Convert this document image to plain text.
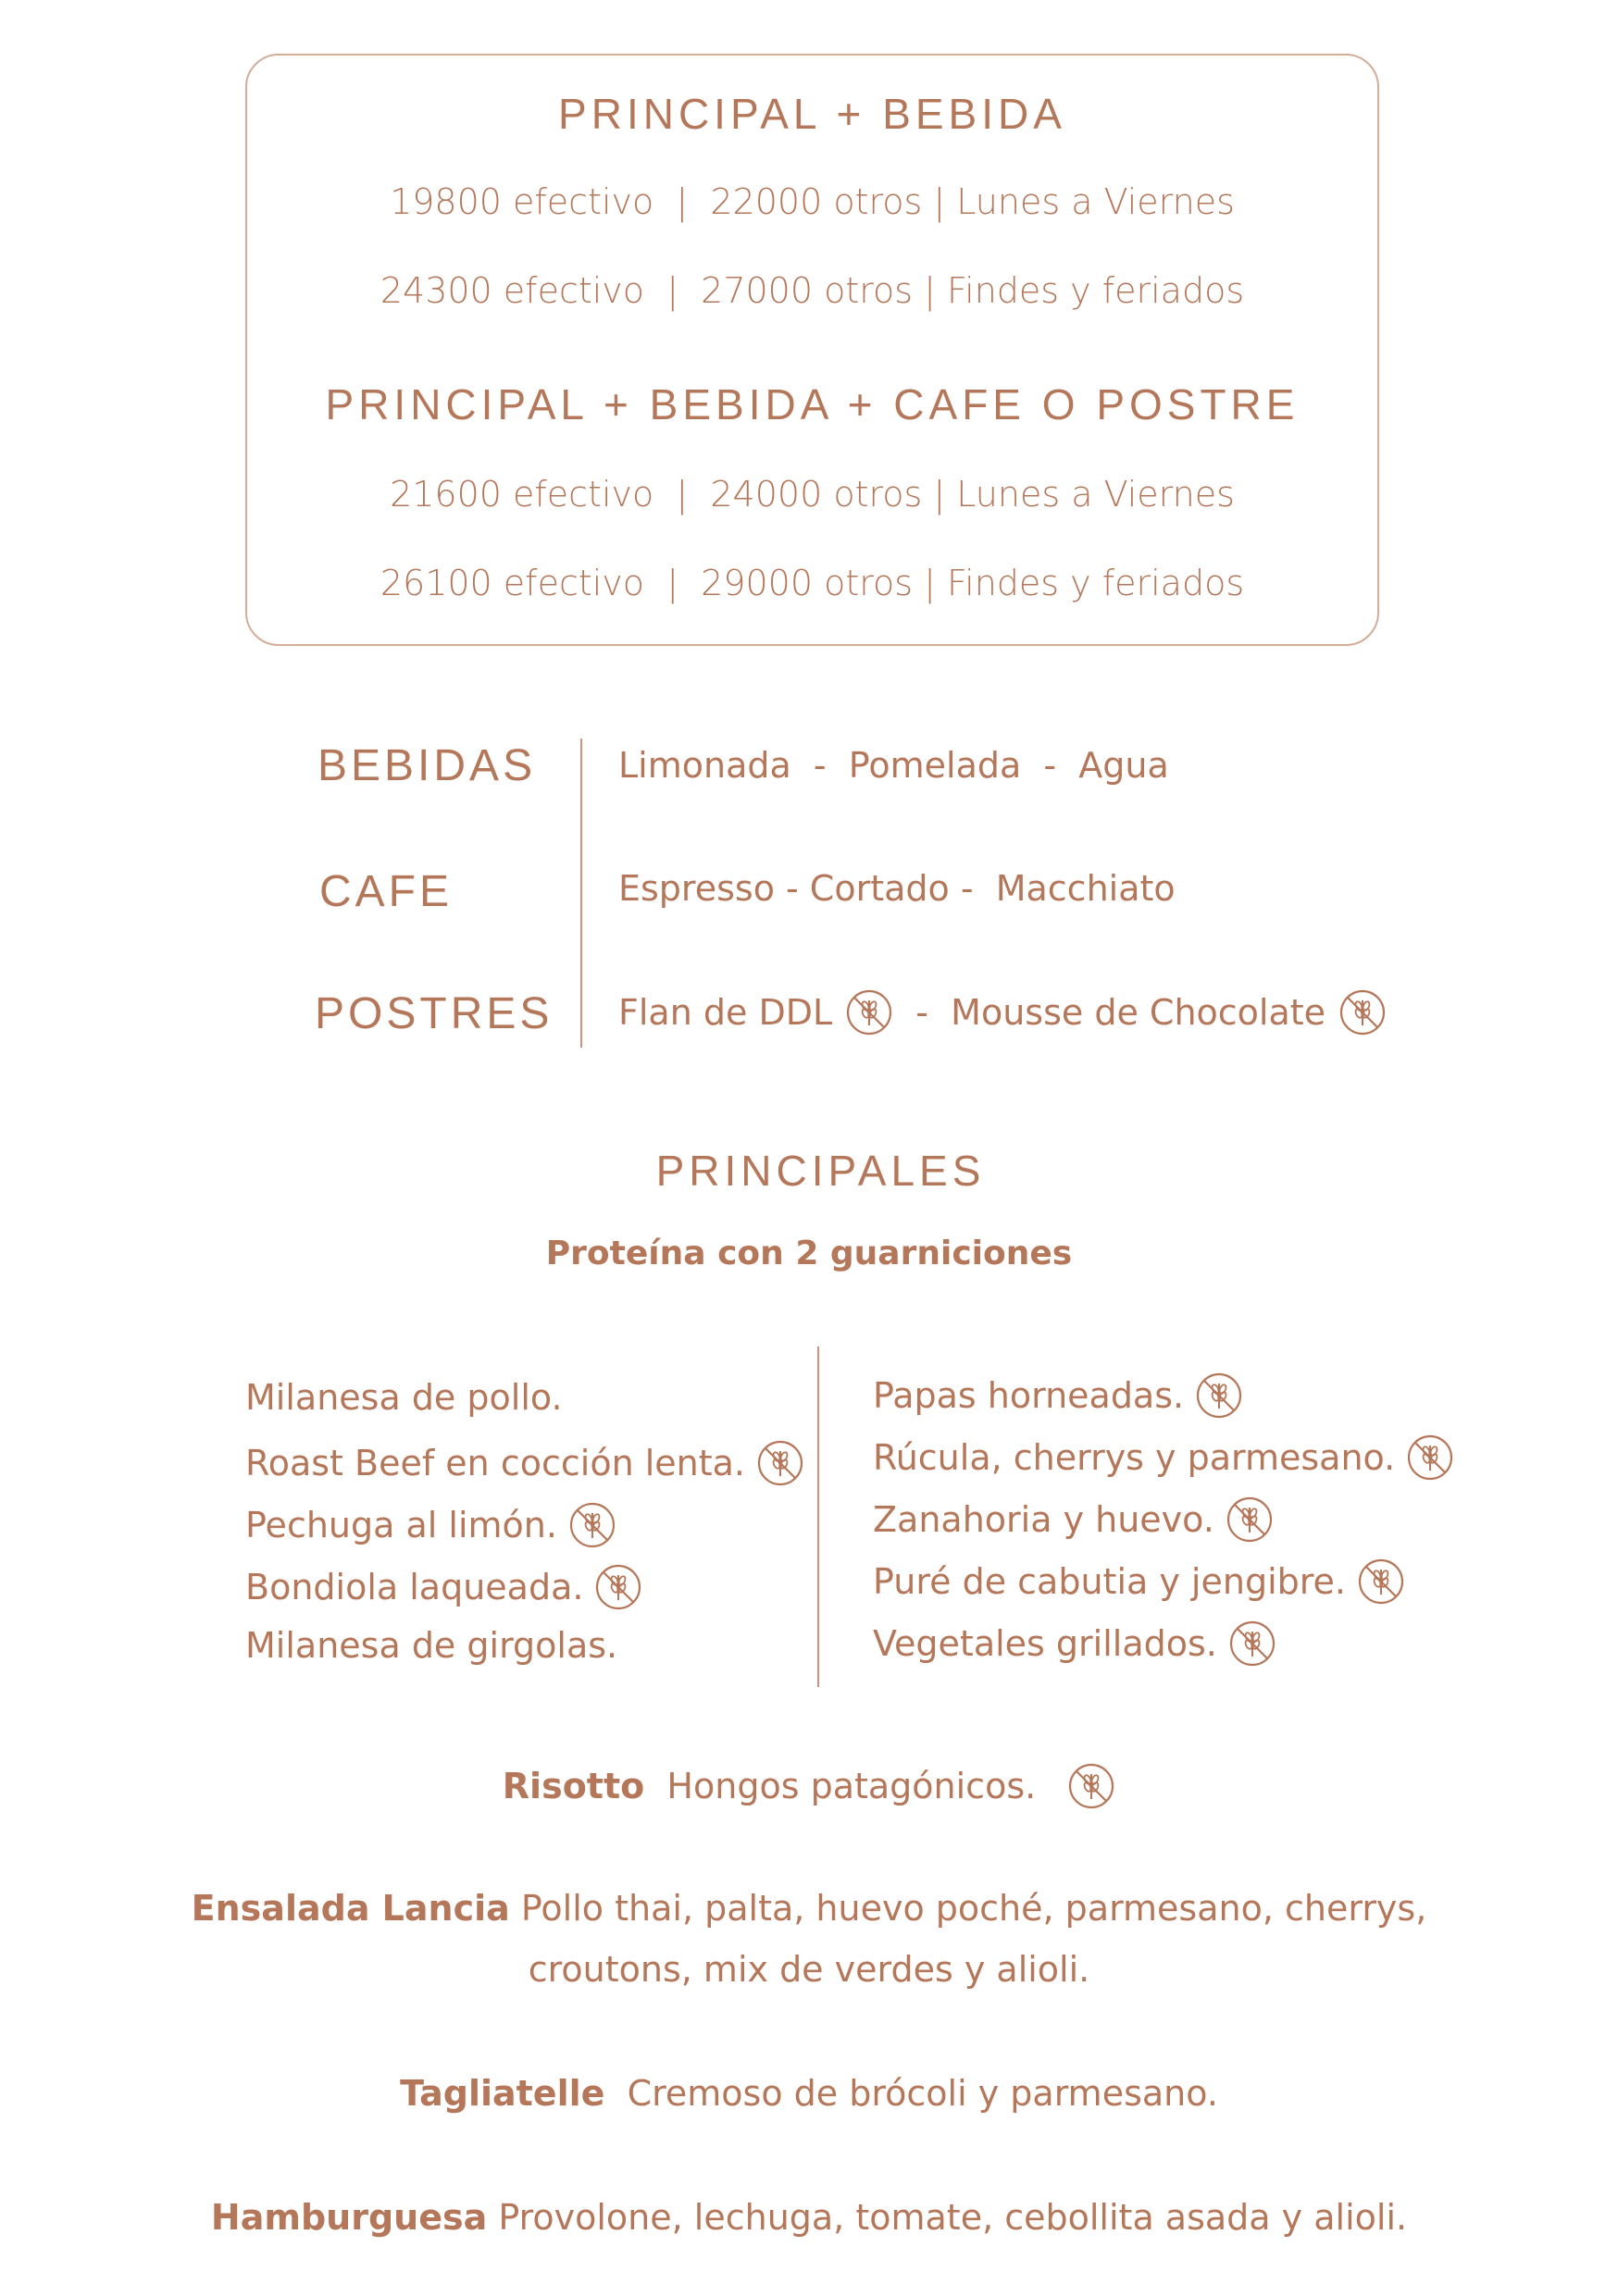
PRINCIPAL + BEBIDA
19800 efectivo  |  22000 otros | Lunes a Viernes
24300 efectivo  |  27000 otros | Findes y feriados
PRINCIPAL + BEBIDA + CAFE O POSTRE
21600 efectivo  |  24000 otros | Lunes a Viernes
26100 efectivo  |  29000 otros | Findes y feriados
BEBIDAS
CAFE
POSTRES
Limonada  -  Pomelada  -  Agua
Espresso - Cortado -  Macchiato
Flan de DDL - Mousse de Chocolate
PRINCIPALES
Proteína con 2 guarniciones
Milanesa de pollo.
Roast Beef en cocción lenta.
Pechuga al limón.
Bondiola laqueada.
Milanesa de girgolas.
Papas horneadas.
Rúcula, cherrys y parmesano.
Zanahoria y huevo.
Puré de cabutia y jengibre.
Vegetales grillados.
Risotto
Hongos patagónicos.
Ensalada Lancia Pollo thai, palta, huevo poché, parmesano, cherrys,
croutons, mix de verdes y alioli.
Tagliatelle
Cremoso de brócoli y parmesano.
Hamburguesa Provolone, lechuga, tomate, cebollita asada y alioli.
